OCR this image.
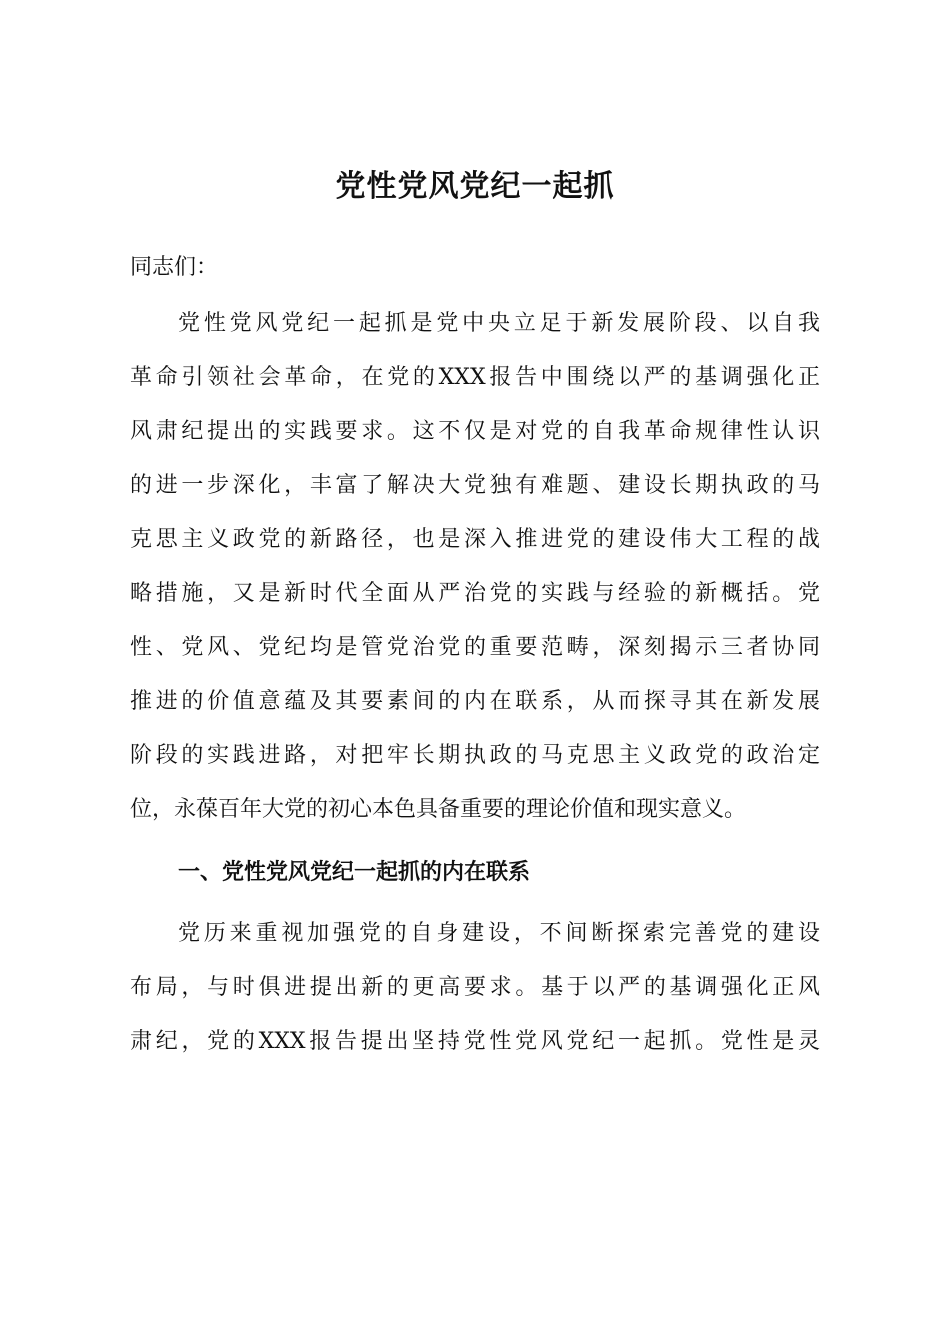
党性党风党纪一起抓

同志们：

党性党风党纪一起抓是党中央立足于新发展阶段、以自我
革命引领社会革命，在党的XXX报告中围绕以严的基调强化正
风肃纪提出的实践要求。这不仅是对党的自我革命规律性认识
的进一步深化，丰富了解决大党独有难题、建设长期执政的马
克思主义政党的新路径，也是深入推进党的建设伟大工程的战
略措施，又是新时代全面从严治党的实践与经验的新概括。党
性、党风、党纪均是管党治党的重要范畴，深刻揭示三者协同
推进的价值意蕴及其要素间的内在联系，从而探寻其在新发展
阶段的实践进路，对把牢长期执政的马克思主义政党的政治定
位，永葆百年大党的初心本色具备重要的理论价值和现实意义。
一、党性党风党纪一起抓的内在联系
党历来重视加强党的自身建设，不间断探索完善党的建设
布局，与时俱进提出新的更高要求。基于以严的基调强化正风
肃纪，党的XXX报告提出坚持党性党风党纪一起抓。党性是灵
